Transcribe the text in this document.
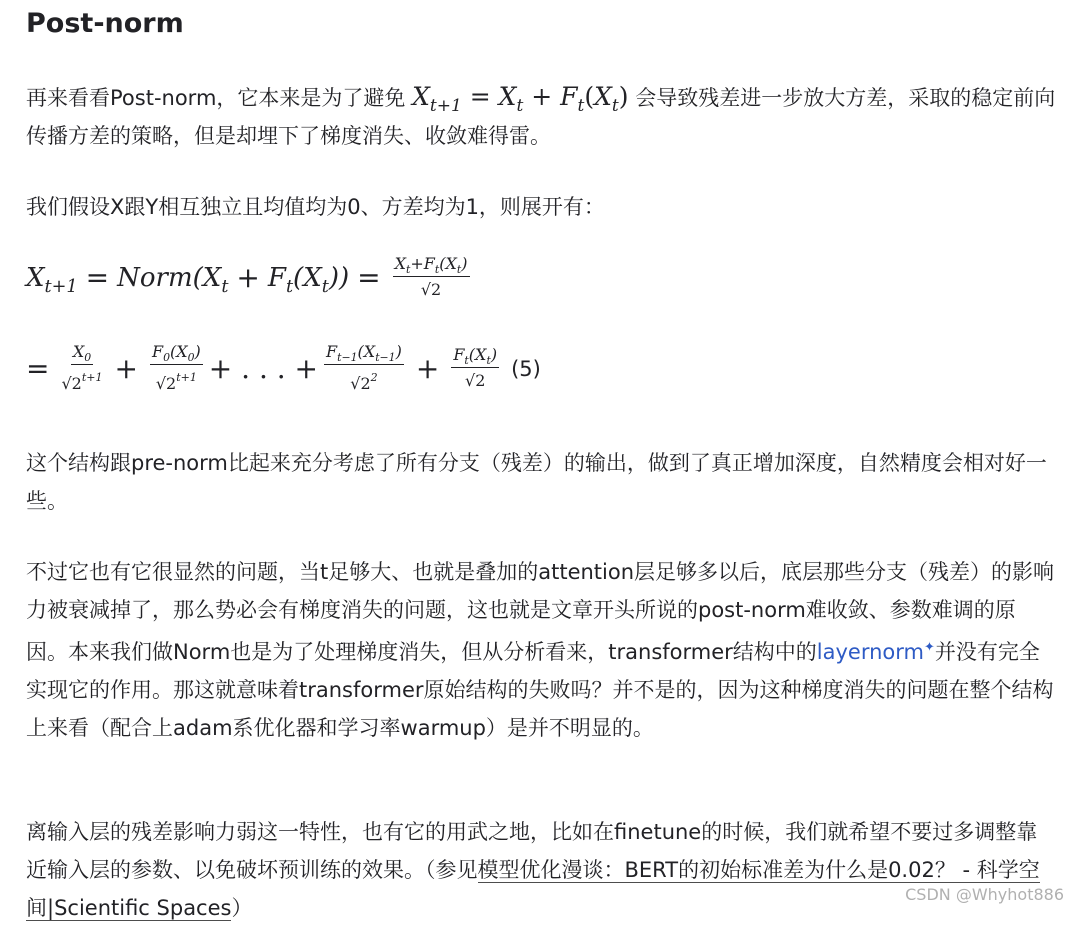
Post-norm

再来看看Post-norm，它本来是为了避免 $X_{t+1} = X_t + F_t(X_t)$ 会导致残差进一步放大方差，采取的稳定前向传播方差的策略，但是却埋下了梯度消失、收敛难得雷。

我们假设X跟Y相互独立且均值均为0、方差均为1，则展开有：

$X_{t+1}$ = $Norm(X_t + F_t(X_t)) = \frac{X_t+F_t(X_t)}{√2}$
= $\frac{X_0}{√2^{t+1}} + \frac{F_0(X_0)}{√2^{t+1}}$ + . . . + $\frac{F_{t-1}(X_{t-1})}{√2^2} + \frac{F_t(X_t)}{√2} (5)$

这个结构跟pre-norm比起来充分考虑了所有分支（残差）的输出，做到了真正增加深度，自然精度会相对好一些。

不过它也有它很显然的问题，当t足够大、也就是叠加的attention层足够多以后，底层那些分支（残差）的影响力被衰减掉了，那么势必会有梯度消失的问题，这也就是文章开头所说的post-norm难收敛、参数难调的原因。本来我们做Norm也是为了处理梯度消失，但从分析看来，transformer结构中的layernorm✦并没有完全实现它的作用。那这就意味着transformer原始结构的失败吗？并不是的，因为这种梯度消失的问题在整个结构上来看（配合上adam系优化器和学习率warmup）是并不明显的。

离输入层的残差影响力弱这一特性，也有它的用武之地，比如在finetune的时候，我们就希望不要过多调整靠近输入层的参数、以免破坏预训练的效果。（参见模型优化漫谈：BERT的初始标准差为什么是0.02？ - 科学空间|Scientific Spaces）

CSDN @Whyhot886
